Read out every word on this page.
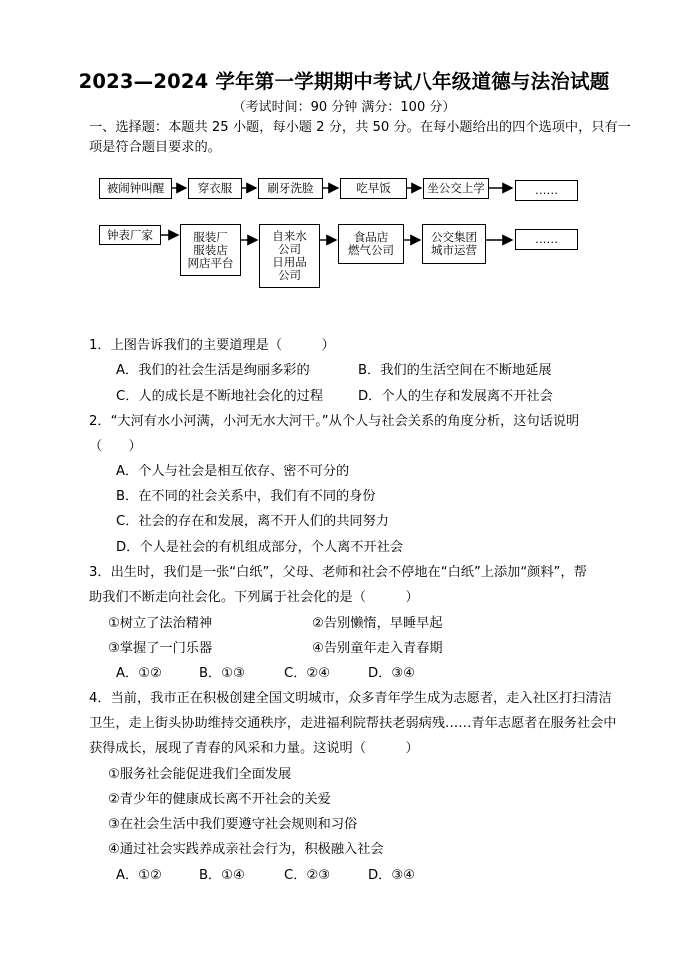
2023—2024 学年第一学期期中考试八年级道德与法治试题
（考试时间：90 分钟 满分：100 分）
一、选择题：本题共 25 小题，每小题 2 分，共 50 分。在每小题给出的四个选项中，只有一
项是符合题目要求的。
被闹钟叫醒	穿衣服	刷牙洗脸	吃早饭	坐公交上学	……
钟表厂家	服装厂
服装店
网店平台
自来水
公司
日用品
公司
食品店
燃气公司
公交集团
城市运营
……
1．上图告诉我们的主要道理是（　　　）
A．我们的社会生活是绚丽多彩的	B．我们的生活空间在不断地延展
C．人的成长是不断地社会化的过程	D．个人的生存和发展离不开社会
2．“大河有水小河满，小河无水大河干。”从个人与社会关系的角度分析，这句话说明
（　　）
A．个人与社会是相互依存、密不可分的
B．在不同的社会关系中，我们有不同的身份
C．社会的存在和发展，离不开人们的共同努力
D．个人是社会的有机组成部分，个人离不开社会
3．出生时，我们是一张“白纸”，父母、老师和社会不停地在“白纸”上添加“颜料”，帮
助我们不断走向社会化。下列属于社会化的是（　　　）
①树立了法治精神	②告别懒惰，早睡早起
③掌握了一门乐器	④告别童年走入青春期
A．①②	B．①③	C．②④	D．③④
4．当前，我市正在积极创建全国文明城市，众多青年学生成为志愿者，走入社区打扫清洁
卫生，走上街头协助维持交通秩序，走进福利院帮扶老弱病残……青年志愿者在服务社会中
获得成长，展现了青春的风采和力量。这说明（　　　）
①服务社会能促进我们全面发展
②青少年的健康成长离不开社会的关爱
③在社会生活中我们要遵守社会规则和习俗
④通过社会实践养成亲社会行为，积极融入社会
A．①②	B．①④	C．②③	D．③④
